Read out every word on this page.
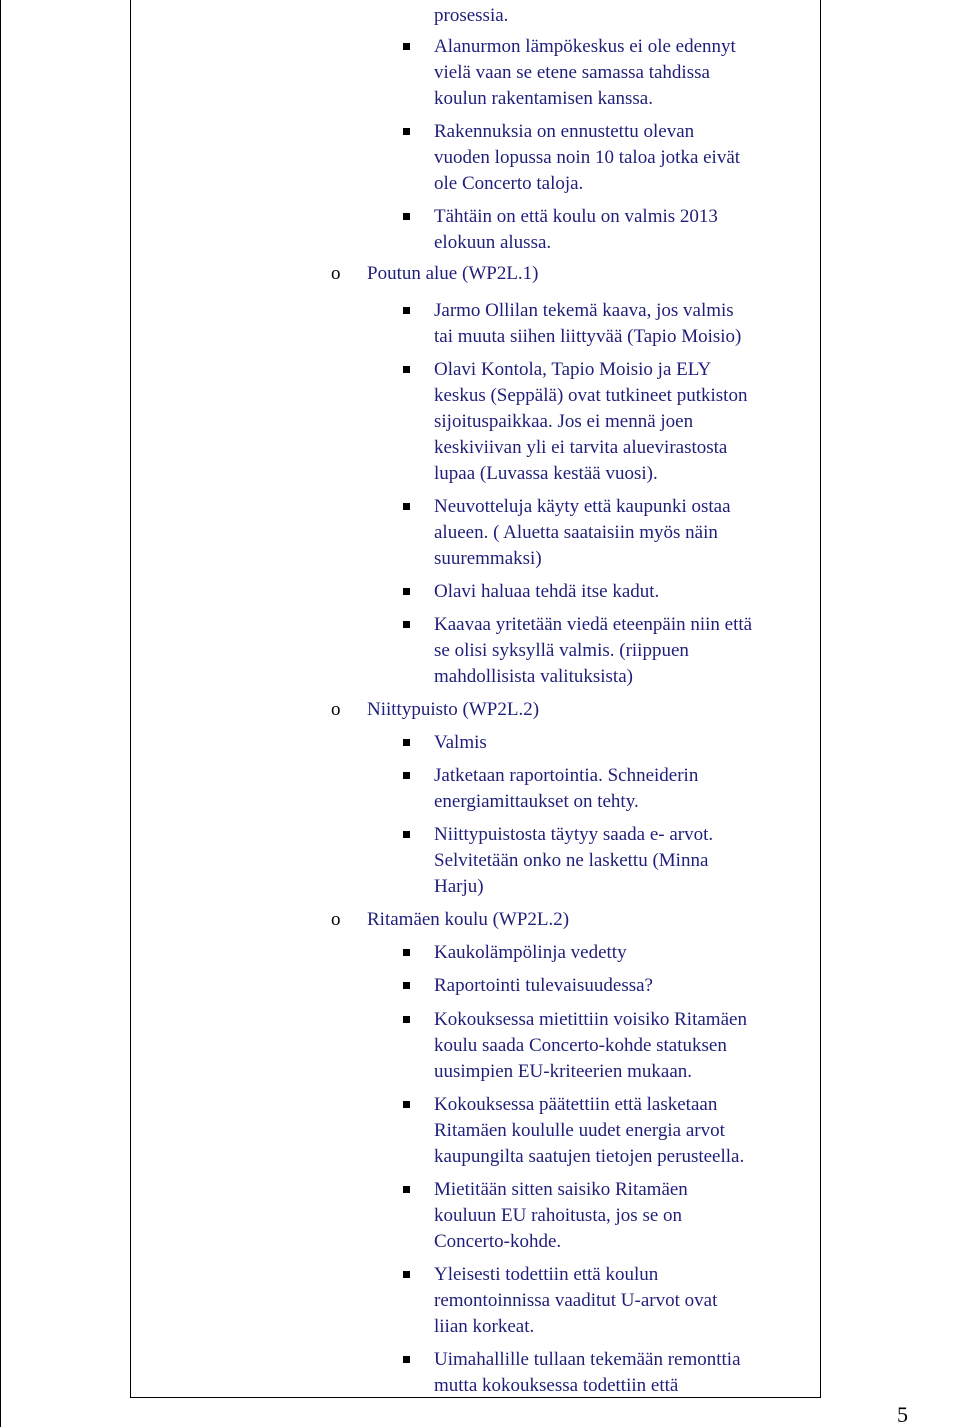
prosessia.
Alanurmon lämpökeskus ei ole edennyt
vielä vaan se etene samassa tahdissa
koulun rakentamisen kanssa.
Rakennuksia on ennustettu olevan
vuoden lopussa noin 10 taloa jotka eivät
ole Concerto taloja.
Tähtäin on että koulu on valmis 2013
elokuun alussa.
o Poutun alue (WP2L.1)
Jarmo Ollilan tekemä kaava, jos valmis
tai muuta siihen liittyvää (Tapio Moisio)
Olavi Kontola, Tapio Moisio ja ELY
keskus (Seppälä) ovat tutkineet putkiston
sijoituspaikkaa. Jos ei mennä joen
keskiviivan yli ei tarvita aluevirastosta
lupaa (Luvassa kestää vuosi).
Neuvotteluja käyty että kaupunki ostaa
alueen. ( Aluetta saataisiin myös näin
suuremmaksi)
Olavi haluaa tehdä itse kadut.
Kaavaa yritetään viedä eteenpäin niin että
se olisi syksyllä valmis. (riippuen
mahdollisista valituksista)
o Niittypuisto (WP2L.2)
Valmis
Jatketaan raportointia. Schneiderin
energiamittaukset on tehty.
Niittypuistosta täytyy saada e- arvot.
Selvitetään onko ne laskettu (Minna
Harju)
o Ritamäen koulu (WP2L.2)
Kaukolämpölinja vedetty
Raportointi tulevaisuudessa?
Kokouksessa mietittiin voisiko Ritamäen
koulu saada Concerto-kohde statuksen
uusimpien EU-kriteerien mukaan.
Kokouksessa päätettiin että lasketaan
Ritamäen koululle uudet energia arvot
kaupungilta saatujen tietojen perusteella.
Mietitään sitten saisiko Ritamäen
kouluun EU rahoitusta, jos se on
Concerto-kohde.
Yleisesti todettiin että koulun
remontoinnissa vaaditut U-arvot ovat
liian korkeat.
Uimahallille tullaan tekemään remonttia
mutta kokouksessa todettiin että
5
